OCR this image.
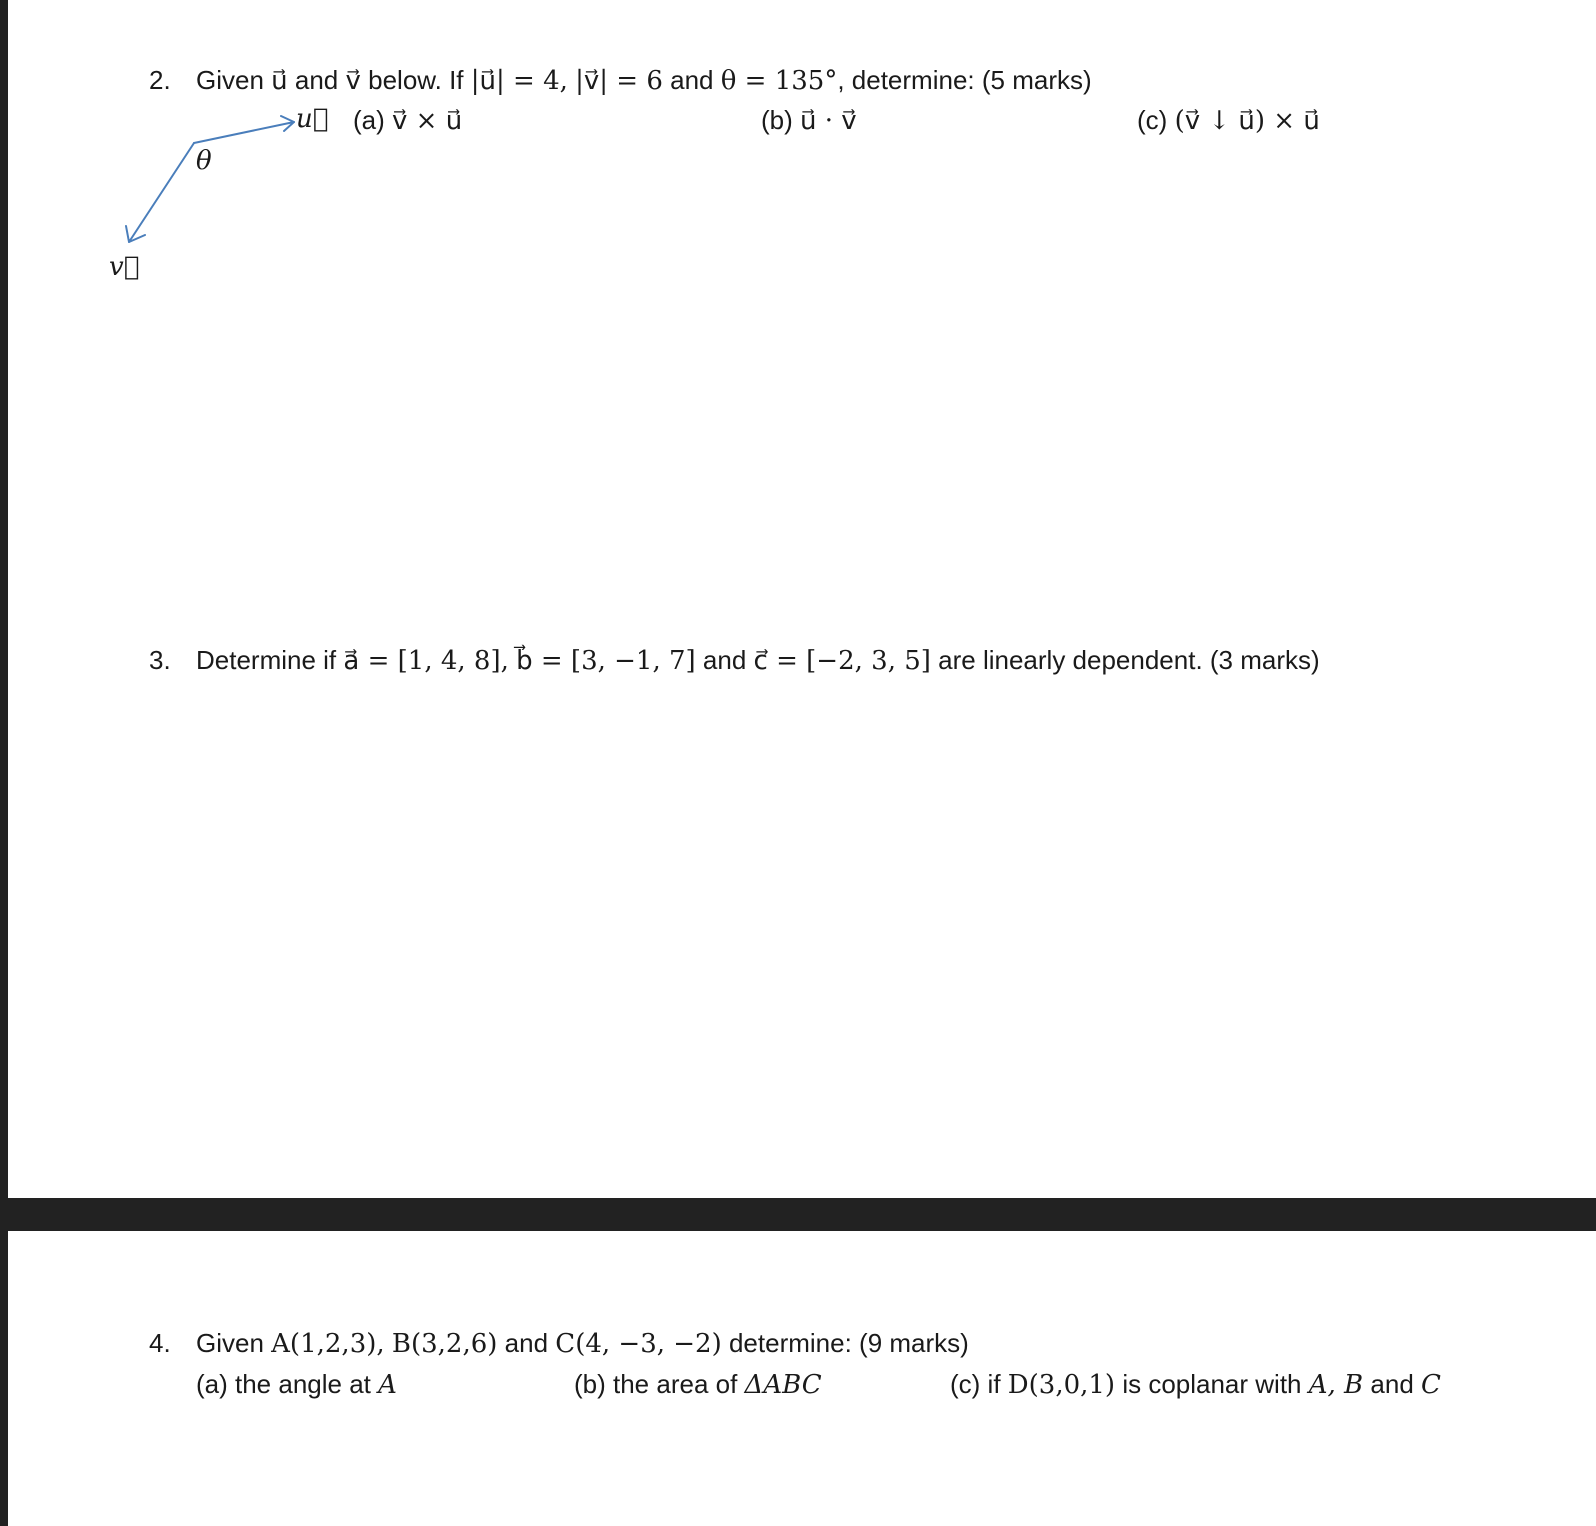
2. Given u⃗ and v⃗ below. If |u⃗| = 4, |v⃗| = 6 and θ = 135°, determine: (5 marks)
(a) v⃗ × u⃗	(b) u⃗ · v⃗	(c) (v⃗ ↓ u⃗) × u⃗
u⃗
v⃗
θ
3. Determine if a⃗ = [1, 4, 8], b⃗ = [3, −1, 7] and c⃗ = [−2, 3, 5] are linearly dependent. (3 marks)
4. Given A(1,2,3), B(3,2,6) and C(4, −3, −2) determine: (9 marks)
(a) the angle at A	(b) the area of ΔABC	(c) if D(3,0,1) is coplanar with A, B and C
